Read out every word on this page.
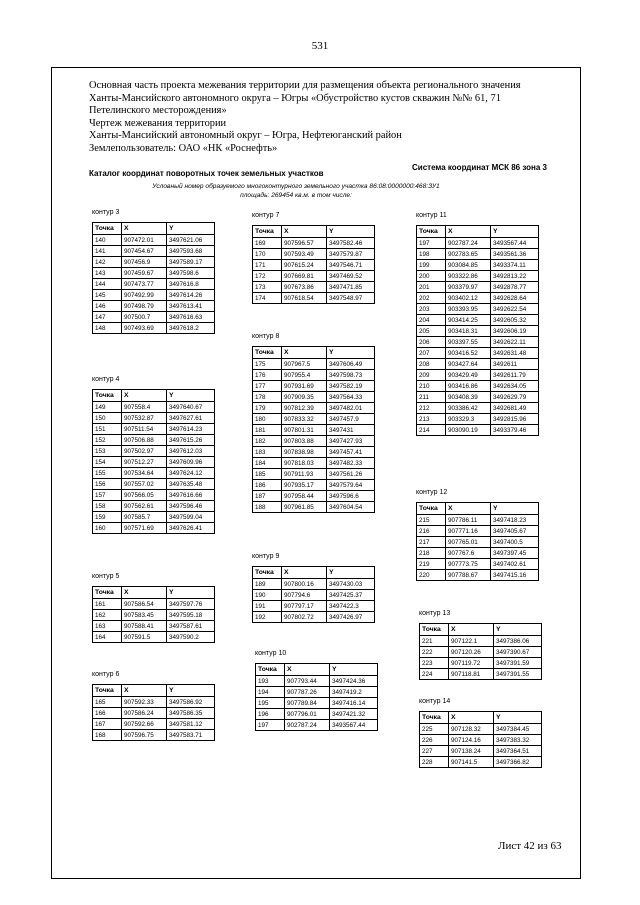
531
Основная часть проекта межевания территории для размещения объекта регионального значения
Ханты-Мансийского автономного округа – Югры «Обустройство кустов скважин №№ 61, 71
Петелинского месторождения»
Чертеж межевания территории
Ханты-Мансийский автономный округ – Югра, Нефтеюганский район
Землепользователь: ОАО «НК «Роснефть»
Каталог координат поворотных точек земельных участков
Система координат МСК 86 зона 3
Условный номер образуемого многоконтурного земельного участка 86:08:0000000:468:ЗУ1
площадь: 269454 кв.м. в том числе:
контур 3
Точка	X	Y
140	907472.01	3497621.06
141	907454.67	3497593.68
142	907456.9	3497589.17
143	907459.67	3497598.6
144	907473.77	3497616.8
145	907492.99	3497614.26
146	907498.79	3497613.41
147	907500.7	3497616.63
148	907493.69	3497618.2
контур 4
Точка	X	Y
149	907558.4	3497640.67
150	907532.87	3497627.61
151	907511.54	3497614.23
152	907506.88	3497615.26
153	907502.97	3497612.03
154	907512.27	3497609.96
155	907534.64	3497624.12
156	907557.02	3497635.48
157	907566.05	3497616.66
158	907562.61	3497596.46
159	907585.7	3497599.04
160	907571.69	3497626.41
контур 5
Точка	X	Y
161	907586.54	3497597.76
162	907583.45	3497595.18
163	907588.41	3497587.61
164	907591.5	3497590.2
контур 6
Точка	X	Y
165	907592.33	3497586.92
166	907586.24	3497586.35
167	907592.66	3497581.12
168	907596.75	3497583.71
контур 7
Точка	X	Y
169	907596.57	3497582.46
170	907593.49	3497579.87
171	907615.24	3497546.71
172	907669.81	3497469.52
173	907673.86	3497471.85
174	907618.54	3497548.97
контур 8
Точка	X	Y
175	907967.5	3497606.49
176	907955.4	3497598.73
177	907931.69	3497582.19
178	907909.35	3497564.33
179	907812.39	3497482.01
180	907833.32	3497457.9
181	907801.31	3497431
182	907803.88	3497427.93
183	907838.98	3497457.41
184	907818.03	3497482.33
185	907911.93	3497561.26
186	907935.17	3497579.64
187	907958.44	3497596.6
188	907961.85	3497604.54
контур 9
Точка	X	Y
189	907800.16	3497430.03
190	907794.6	3497425.37
191	907797.17	3497422.3
192	907802.72	3497426.97
контур 10
Точка	X	Y
193	907793.44	3497424.36
194	907787.26	3497419.2
195	907789.84	3497416.14
196	907796.01	3497421.32
197	902787.24	3493567.44
контур 11
Точка	X	Y
197	902787.24	3493567.44
198	902783.65	3493561.36
199	903084.85	3493374.11
200	903322.86	3492813.22
201	903379.97	3492878.77
202	903402.12	3492628.64
203	903393.95	3492622.54
204	903414.25	3492605.32
205	903418.31	3492606.19
206	903397.55	3492622.11
207	903416.52	3492631.48
208	903427.64	3492611
209	903429.49	3492611.79
210	903416.86	3492634.05
211	903408.39	3492629.79
212	903386.42	3492681.49
213	903329.3	3492815.96
214	903090.19	3493379.46
контур 12
Точка	X	Y
215	907786.11	3497418.23
216	907771.16	3497405.67
217	907765.01	3497400.5
218	907767.6	3497397.45
219	907773.75	3497402.61
220	907788.67	3497415.16
контур 13
Точка	X	Y
221	907122.1	3497386.06
222	907120.26	3497390.67
223	907119.72	3497391.59
224	907118.81	3497391.55
контур 14
Точка	X	Y
225	907128.32	3497384.45
226	907124.16	3497383.32
227	907138.24	3497364.51
228	907141.5	3497366.82
Лист 42 из 63
